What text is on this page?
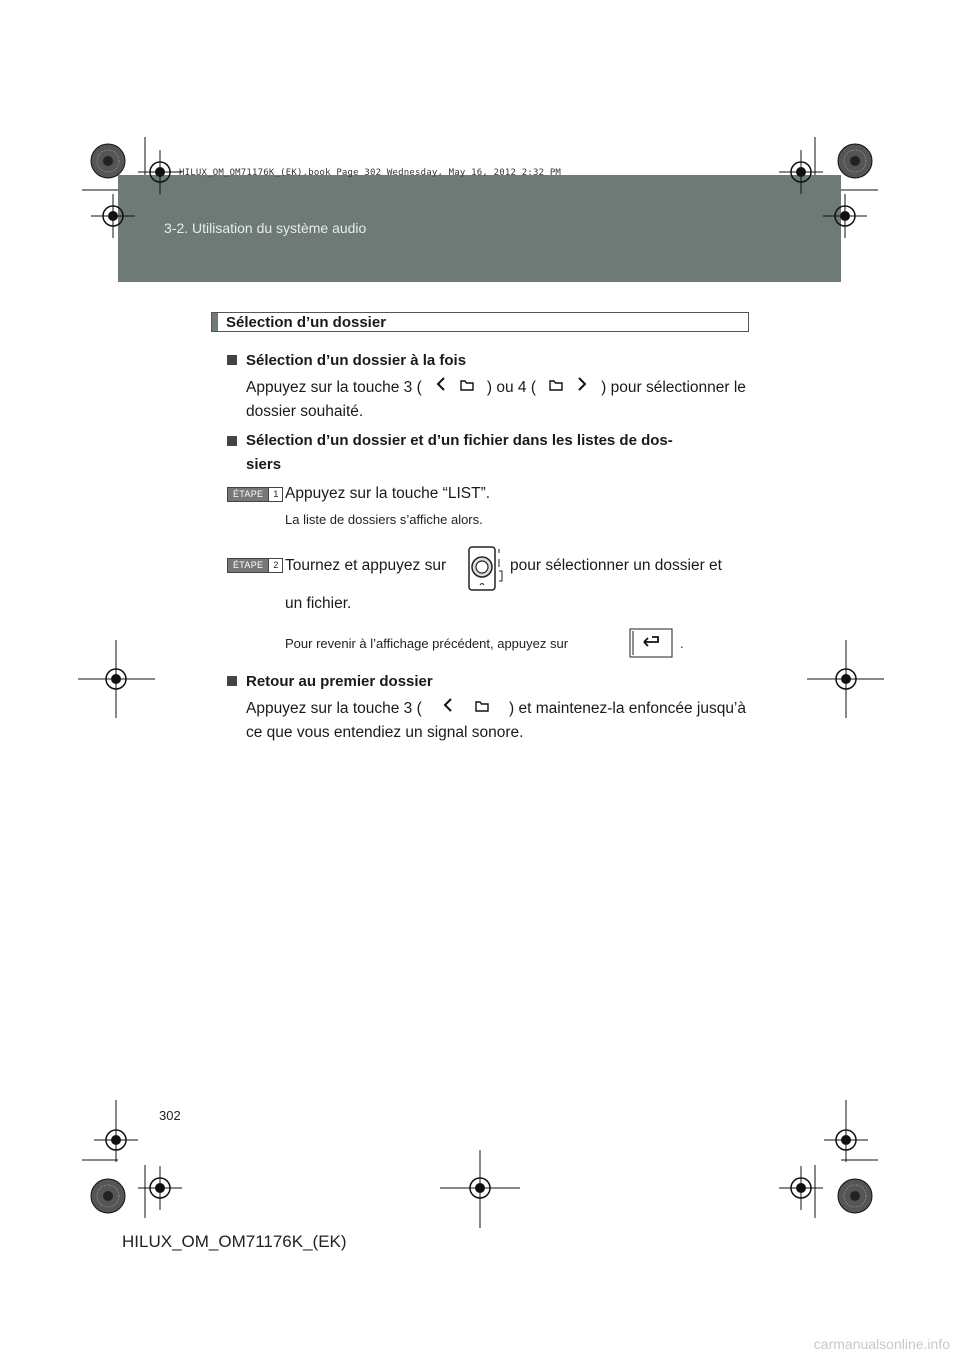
3-2. Utilisation du système audio
HILUX_OM_OM71176K_(EK).book Page 302 Wednesday, May 16, 2012 2:32 PM
Sélection d’un dossier
Sélection d’un dossier à la fois
Appuyez sur la touche 3 (	) ou 4 (	) pour sélectionner le
dossier souhaité.
Sélection d’un dossier et d’un fichier dans les listes de dos-
siers
ÉTAPE	1 Appuyez sur la touche “LIST”.
La liste de dossiers s’affiche alors.
ÉTAPE	2 Tournez et appuyez sur	pour sélectionner un dossier et
un fichier.
Pour revenir à l’affichage précédent, appuyez sur	.
Retour au premier dossier
Appuyez sur la touche 3 (	) et maintenez-la enfoncée jusqu’à
ce que vous entendiez un signal sonore.
302
HILUX_OM_OM71176K_(EK)
carmanualsonline.info
